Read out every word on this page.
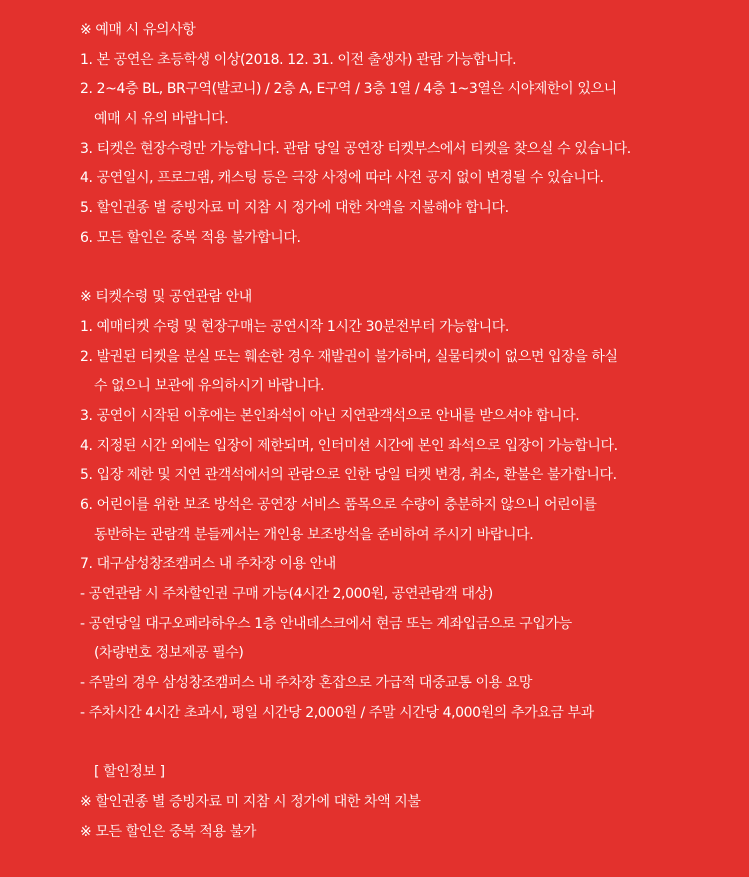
※ 예매 시 유의사항
1. 본 공연은 초등학생 이상(2018. 12. 31. 이전 출생자) 관람 가능합니다.
2. 2~4층 BL, BR구역(발코니) / 2층 A, E구역 / 3층 1열 / 4층 1~3열은 시야제한이 있으니
예매 시 유의 바랍니다.
3. 티켓은 현장수령만 가능합니다. 관람 당일 공연장 티켓부스에서 티켓을 찾으실 수 있습니다.
4. 공연일시, 프로그램, 캐스팅 등은 극장 사정에 따라 사전 공지 없이 변경될 수 있습니다.
5. 할인권종 별 증빙자료 미 지참 시 정가에 대한 차액을 지불해야 합니다.
6. 모든 할인은 중복 적용 불가합니다.
※ 티켓수령 및 공연관람 안내
1. 예매티켓 수령 및 현장구매는 공연시작 1시간 30분전부터 가능합니다.
2. 발권된 티켓을 분실 또는 훼손한 경우 재발권이 불가하며, 실물티켓이 없으면 입장을 하실
수 없으니 보관에 유의하시기 바랍니다.
3. 공연이 시작된 이후에는 본인좌석이 아닌 지연관객석으로 안내를 받으셔야 합니다.
4. 지정된 시간 외에는 입장이 제한되며, 인터미션 시간에 본인 좌석으로 입장이 가능합니다.
5. 입장 제한 및 지연 관객석에서의 관람으로 인한 당일 티켓 변경, 취소, 환불은 불가합니다.
6. 어린이를 위한 보조 방석은 공연장 서비스 품목으로 수량이 충분하지 않으니 어린이를
동반하는 관람객 분들께서는 개인용 보조방석을 준비하여 주시기 바랍니다.
7. 대구삼성창조캠퍼스 내 주차장 이용 안내
- 공연관람 시 주차할인권 구매 가능(4시간 2,000원, 공연관람객 대상)
- 공연당일 대구오페라하우스 1층 안내데스크에서 현금 또는 계좌입금으로 구입가능
(차량번호 정보제공 필수)
- 주말의 경우 삼성창조캠퍼스 내 주차장 혼잡으로 가급적 대중교통 이용 요망
- 주차시간 4시간 초과시, 평일 시간당 2,000원 / 주말 시간당 4,000원의 추가요금 부과
[ 할인정보 ]
※ 할인권종 별 증빙자료 미 지참 시 정가에 대한 차액 지불
※ 모든 할인은 중복 적용 불가
